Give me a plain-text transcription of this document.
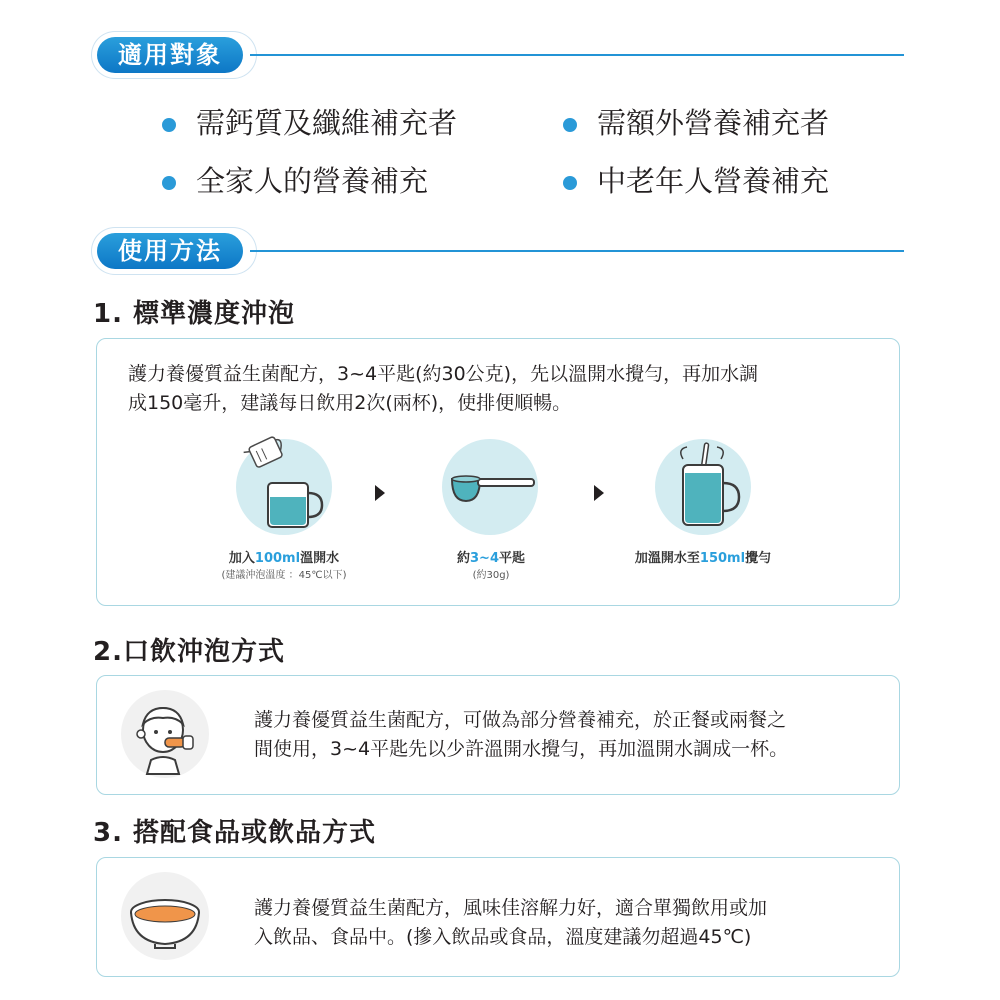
適用對象
需鈣質及纖維補充者	需額外營養補充者
全家人的營養補充	中老年人營養補充
使用方法
1. 標準濃度沖泡
護力養優質益生菌配方，3~4平匙(約30公克)，先以溫開水攪勻，再加水調
成150毫升，建議每日飲用2次(兩杯)，使排便順暢。
加入100ml溫開水
(建議沖泡溫度 ：45℃以下)
約3~4平匙
(約30g)
加溫開水至150ml攪勻
2.口飲沖泡方式
護力養優質益生菌配方，可做為部分營養補充，於正餐或兩餐之
間使用，3~4平匙先以少許溫開水攪勻，再加溫開水調成一杯。
3. 搭配食品或飲品方式
護力養優質益生菌配方，風味佳溶解力好，適合單獨飲用或加
入飲品、食品中。(摻入飲品或食品，溫度建議勿超過45℃)
